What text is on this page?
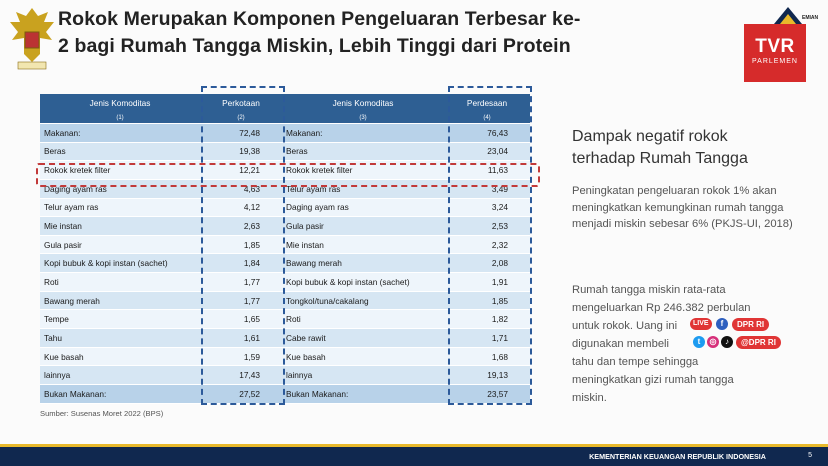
Rokok Merupakan Komponen Pengeluaran Terbesar ke-
2 bagi Rumah Tangga Miskin, Lebih Tinggi dari Protein
EMIAN
TVR
PARLEMEN
Jenis Komoditas	Perkotaan	Jenis Komoditas	Perdesaan
(1)	(2)	(3)	(4)
Makanan:	72,48	Makanan:	76,43
Beras	19,38	Beras	23,04
Rokok kretek filter	12,21	Rokok kretek filter	11,63
Daging ayam ras	4,63	Telur ayam ras	3,49
Telur ayam ras	4,12	Daging ayam ras	3,24
Mie instan	2,63	Gula pasir	2,53
Gula pasir	1,85	Mie instan	2,32
Kopi bubuk & kopi instan (sachet)	1,84	Bawang merah	2,08
Roti	1,77	Kopi bubuk & kopi instan (sachet)	1,91
Bawang merah	1,77	Tongkol/tuna/cakalang	1,85
Tempe	1,65	Roti	1,82
Tahu	1,61	Cabe rawit	1,71
Kue basah	1,59	Kue basah	1,68
lainnya	17,43	lainnya	19,13
Bukan Makanan:	27,52	Bukan Makanan:	23,57
Sumber: Susenas Moret 2022 (BPS)
Dampak negatif rokok
terhadap Rumah Tangga
Peningkatan pengeluaran rokok 1% akan meningkatkan kemungkinan rumah tangga menjadi miskin sebesar 6% (PKJS-UI, 2018)
Rumah tangga miskin rata-rata
mengeluarkan Rp 246.382 perbulan
untuk rokok. Uang ini
digunakan membeli
tahu dan tempe sehingga
meningkatkan gizi rumah tangga
miskin.
LIVE	f	DPR RI
t	◎	♪	@DPR RI
KEMENTERIAN KEUANGAN REPUBLIK INDONESIA	5
